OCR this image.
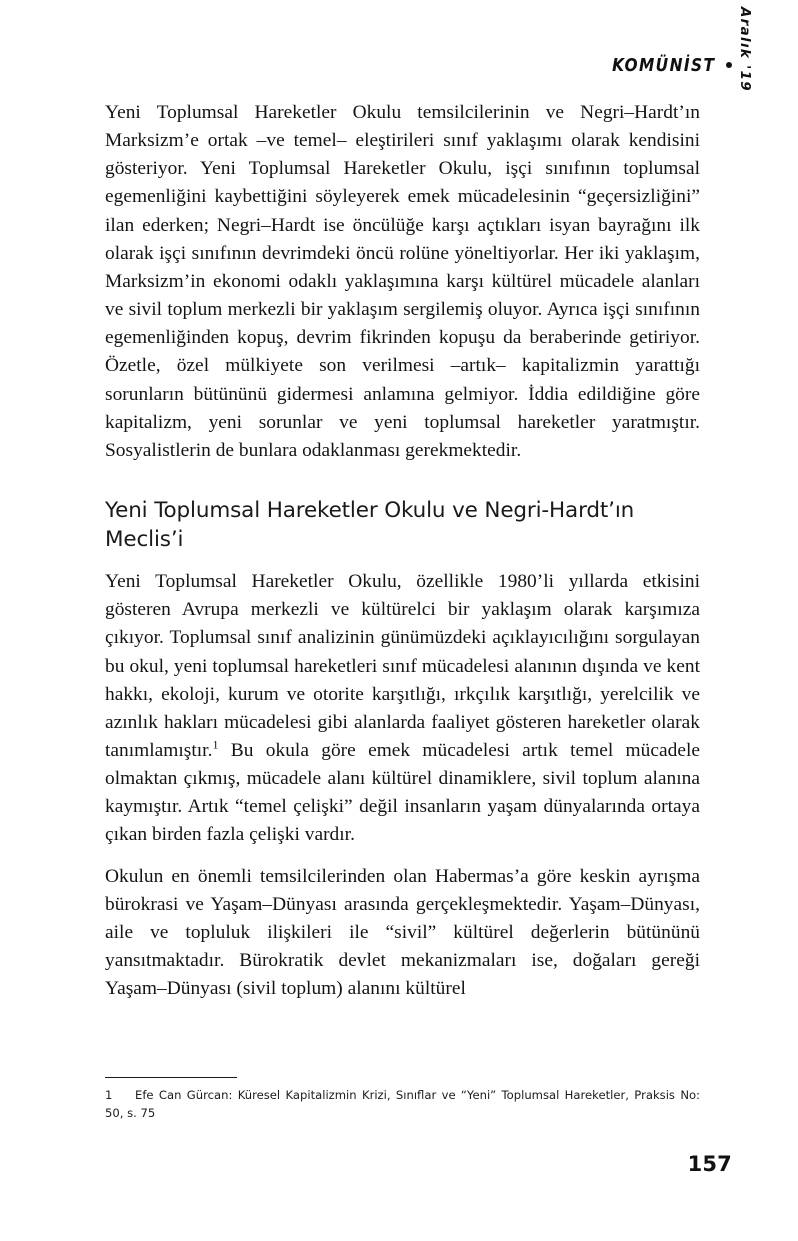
KOMÜNİST Aralık '19

Yeni Toplumsal Hareketler Okulu temsilcilerinin ve Negri–Hardt’ın Marksizm’e ortak –ve temel– eleştirileri sınıf yaklaşımı olarak kendisini gösteriyor. Yeni Toplumsal Hareketler Okulu, işçi sınıfının toplumsal egemenliğini kaybettiğini söyleyerek emek mücadelesinin “geçersizliğini” ilan ederken; Negri–Hardt ise öncülüğe karşı açtıkları isyan bayrağını ilk olarak işçi sınıfının devrimdeki öncü rolüne yöneltiyorlar. Her iki yaklaşım, Marksizm’in ekonomi odaklı yaklaşımına karşı kültürel mücadele alanları ve sivil toplum merkezli bir yaklaşım sergilemiş oluyor. Ayrıca işçi sınıfının egemenliğinden kopuş, devrim fikrinden kopuşu da beraberinde getiriyor. Özetle, özel mülkiyete son verilmesi –artık– kapitalizmin yarattığı sorunların bütününü gidermesi anlamına gelmiyor. İddia edildiğine göre kapitalizm, yeni sorunlar ve yeni toplumsal hareketler yaratmıştır. Sosyalistlerin de bunlara odaklanması gerekmektedir.

Yeni Toplumsal Hareketler Okulu ve Negri-Hardt’ın Meclis’i

Yeni Toplumsal Hareketler Okulu, özellikle 1980’li yıllarda etkisini gösteren Avrupa merkezli ve kültürelci bir yaklaşım olarak karşımıza çıkıyor. Toplumsal sınıf analizinin günümüzdeki açıklayıcılığını sorgulayan bu okul, yeni toplumsal hareketleri sınıf mücadelesi alanının dışında ve kent hakkı, ekoloji, kurum ve otorite karşıtlığı, ırkçılık karşıtlığı, yerelcilik ve azınlık hakları mücadelesi gibi alanlarda faaliyet gösteren hareketler olarak tanımlamıştır.$^1$ Bu okula göre emek mücadelesi artık temel mücadele olmaktan çıkmış, mücadele alanı kültürel dinamiklere, sivil toplum alanına kaymıştır. Artık “temel çelişki” değil insanların yaşam dünyalarında ortaya çıkan birden fazla çelişki vardır.

Okulun en önemli temsilcilerinden olan Habermas’a göre keskin ayrışma bürokrasi ve Yaşam–Dünyası arasında gerçekleşmektedir. Yaşam–Dünyası, aile ve topluluk ilişkileri ile “sivil” kültürel değerlerin bütününü yansıtmaktadır. Bürokratik devlet mekanizmaları ise, doğaları gereği Yaşam–Dünyası (sivil toplum) alanını kültürel

1 Efe Can Gürcan: Küresel Kapitalizmin Krizi, Sınıflar ve “Yeni” Toplumsal Hareketler, Praksis No: 50, s. 75
157
